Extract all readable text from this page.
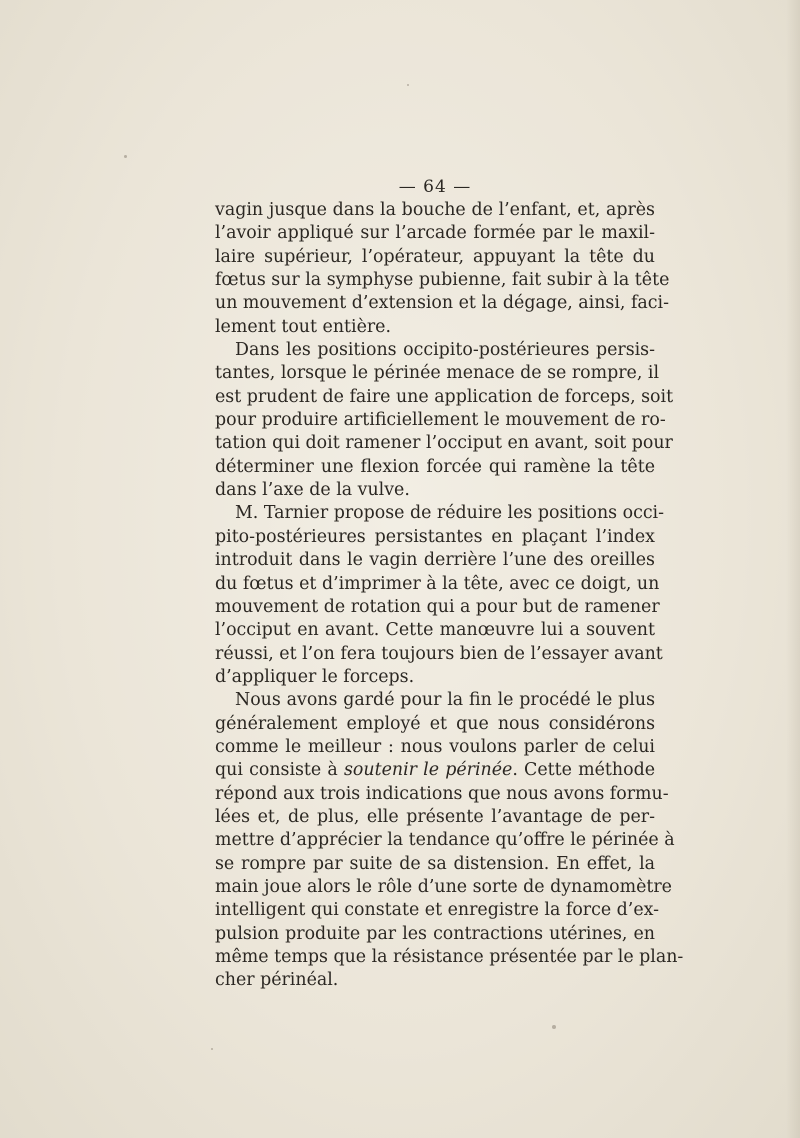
— 64 —
vagin jusque dans la bouche de l’enfant, et, après
l’avoir appliqué sur l’arcade formée par le maxil-
laire supérieur, l’opérateur, appuyant la tête du
fœtus sur la symphyse pubienne, fait subir à la tête
un mouvement d’extension et la dégage, ainsi, faci-
lement tout entière.
Dans les positions occipito-postérieures persis-
tantes, lorsque le périnée menace de se rompre, il
est prudent de faire une application de forceps, soit
pour produire artificiellement le mouvement de ro-
tation qui doit ramener l’occiput en avant, soit pour
déterminer une flexion forcée qui ramène la tête
dans l’axe de la vulve.
M. Tarnier propose de réduire les positions occi-
pito-postérieures persistantes en plaçant l’index
introduit dans le vagin derrière l’une des oreilles
du fœtus et d’imprimer à la tête, avec ce doigt, un
mouvement de rotation qui a pour but de ramener
l’occiput en avant. Cette manœuvre lui a souvent
réussi, et l’on fera toujours bien de l’essayer avant
d’appliquer le forceps.
Nous avons gardé pour la fin le procédé le plus
généralement employé et que nous considérons
comme le meilleur : nous voulons parler de celui
qui consiste à soutenir le périnée. Cette méthode
répond aux trois indications que nous avons formu-
lées et, de plus, elle présente l’avantage de per-
mettre d’apprécier la tendance qu’offre le périnée à
se rompre par suite de sa distension. En effet, la
main joue alors le rôle d’une sorte de dynamomètre
intelligent qui constate et enregistre la force d’ex-
pulsion produite par les contractions utérines, en
même temps que la résistance présentée par le plan-
cher périnéal.
